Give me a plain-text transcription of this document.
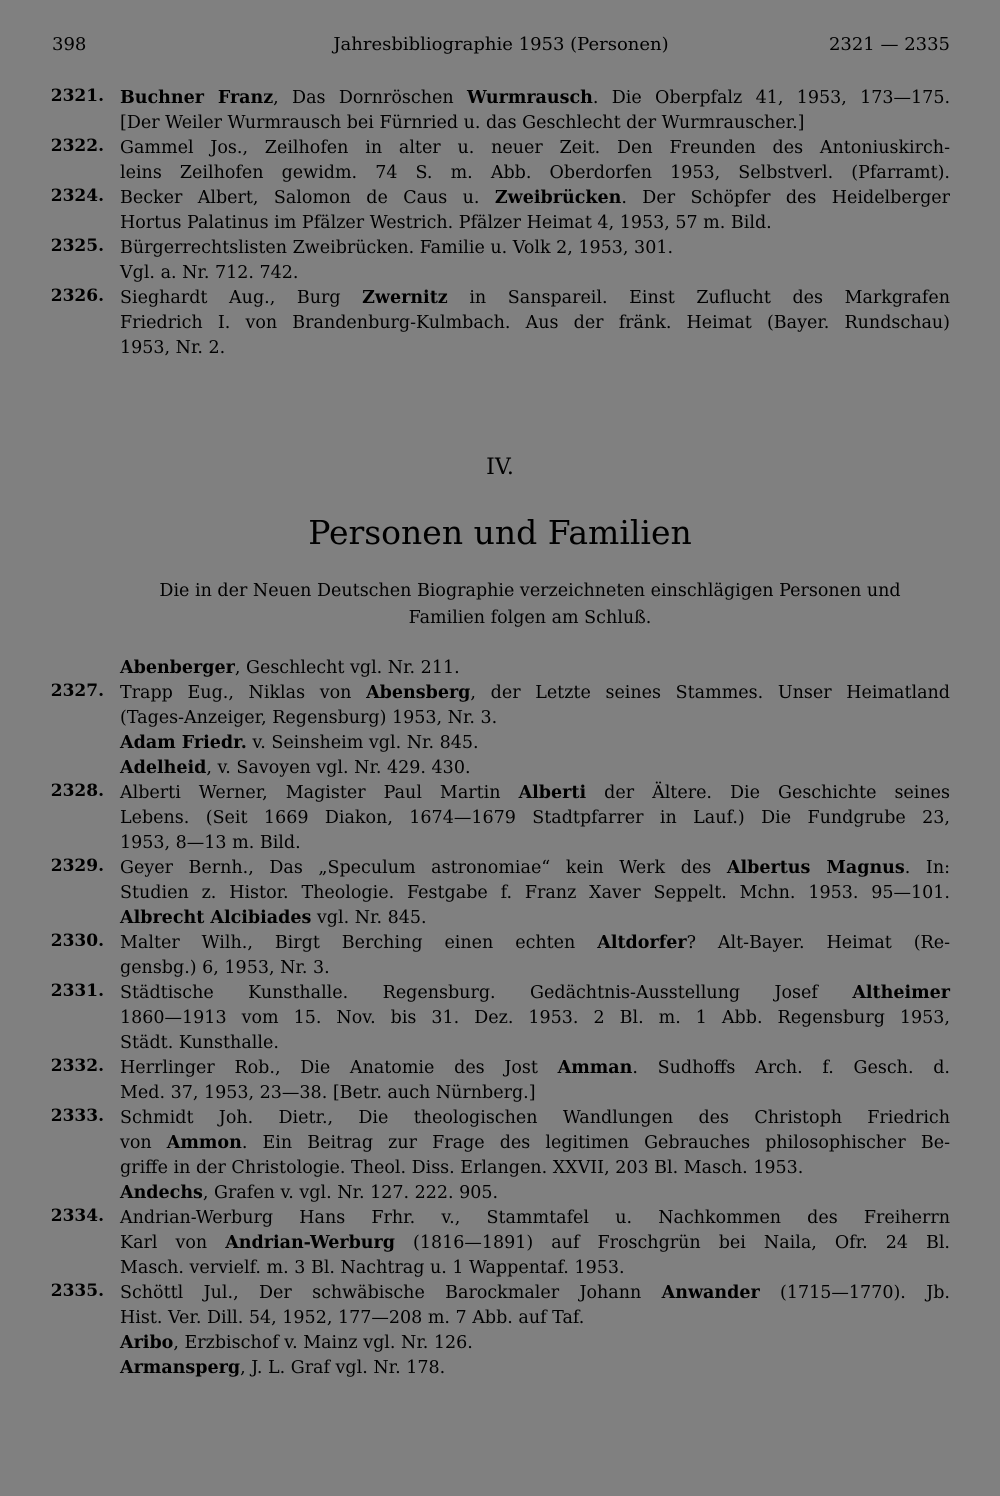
398	Jahresbibliographie 1953 (Personen)	2321 — 2335
2321. Buchner Franz, Das Dornröschen Wurmrausch. Die Oberpfalz 41, 1953, 173—175.
[Der Weiler Wurmrausch bei Fürnried u. das Geschlecht der Wurmrauscher.]
2322. Gammel Jos., Zeilhofen in alter u. neuer Zeit. Den Freunden des Antoniuskirch-
leins Zeilhofen gewidm. 74 S. m. Abb. Oberdorfen 1953, Selbstverl. (Pfarramt).
2324. Becker Albert, Salomon de Caus u. Zweibrücken. Der Schöpfer des Heidelberger
Hortus Palatinus im Pfälzer Westrich. Pfälzer Heimat 4, 1953, 57 m. Bild.
2325. Bürgerrechtslisten Zweibrücken. Familie u. Volk 2, 1953, 301.
Vgl. a. Nr. 712. 742.
2326. Sieghardt Aug., Burg Zwernitz in Sanspareil. Einst Zuflucht des Markgrafen
Friedrich I. von Brandenburg-Kulmbach. Aus der fränk. Heimat (Bayer. Rundschau)
1953, Nr. 2.
IV.
Personen und Familien
Die in der Neuen Deutschen Biographie verzeichneten einschlägigen Personen und
Familien folgen am Schluß.
Abenberger, Geschlecht vgl. Nr. 211.
2327. Trapp Eug., Niklas von Abensberg, der Letzte seines Stammes. Unser Heimatland
(Tages-Anzeiger, Regensburg) 1953, Nr. 3.
Adam Friedr. v. Seinsheim vgl. Nr. 845.
Adelheid, v. Savoyen vgl. Nr. 429. 430.
2328. Alberti Werner, Magister Paul Martin Alberti der Ältere. Die Geschichte seines
Lebens. (Seit 1669 Diakon, 1674—1679 Stadtpfarrer in Lauf.) Die Fundgrube 23,
1953, 8—13 m. Bild.
2329. Geyer Bernh., Das „Speculum astronomiae“ kein Werk des Albertus Magnus. In:
Studien z. Histor. Theologie. Festgabe f. Franz Xaver Seppelt. Mchn. 1953. 95—101.
Albrecht Alcibiades vgl. Nr. 845.
2330. Malter Wilh., Birgt Berching einen echten Altdorfer? Alt-Bayer. Heimat (Re-
gensbg.) 6, 1953, Nr. 3.
2331. Städtische Kunsthalle. Regensburg. Gedächtnis-Ausstellung Josef Altheimer
1860—1913 vom 15. Nov. bis 31. Dez. 1953. 2 Bl. m. 1 Abb. Regensburg 1953,
Städt. Kunsthalle.
2332. Herrlinger Rob., Die Anatomie des Jost Amman. Sudhoffs Arch. f. Gesch. d.
Med. 37, 1953, 23—38. [Betr. auch Nürnberg.]
2333. Schmidt Joh. Dietr., Die theologischen Wandlungen des Christoph Friedrich
von Ammon. Ein Beitrag zur Frage des legitimen Gebrauches philosophischer Be-
griffe in der Christologie. Theol. Diss. Erlangen. XXVII, 203 Bl. Masch. 1953.
Andechs, Grafen v. vgl. Nr. 127. 222. 905.
2334. Andrian-Werburg Hans Frhr. v., Stammtafel u. Nachkommen des Freiherrn
Karl von Andrian-Werburg (1816—1891) auf Froschgrün bei Naila, Ofr. 24 Bl.
Masch. vervielf. m. 3 Bl. Nachtrag u. 1 Wappentaf. 1953.
2335. Schöttl Jul., Der schwäbische Barockmaler Johann Anwander (1715—1770). Jb.
Hist. Ver. Dill. 54, 1952, 177—208 m. 7 Abb. auf Taf.
Aribo, Erzbischof v. Mainz vgl. Nr. 126.
Armansperg, J. L. Graf vgl. Nr. 178.
